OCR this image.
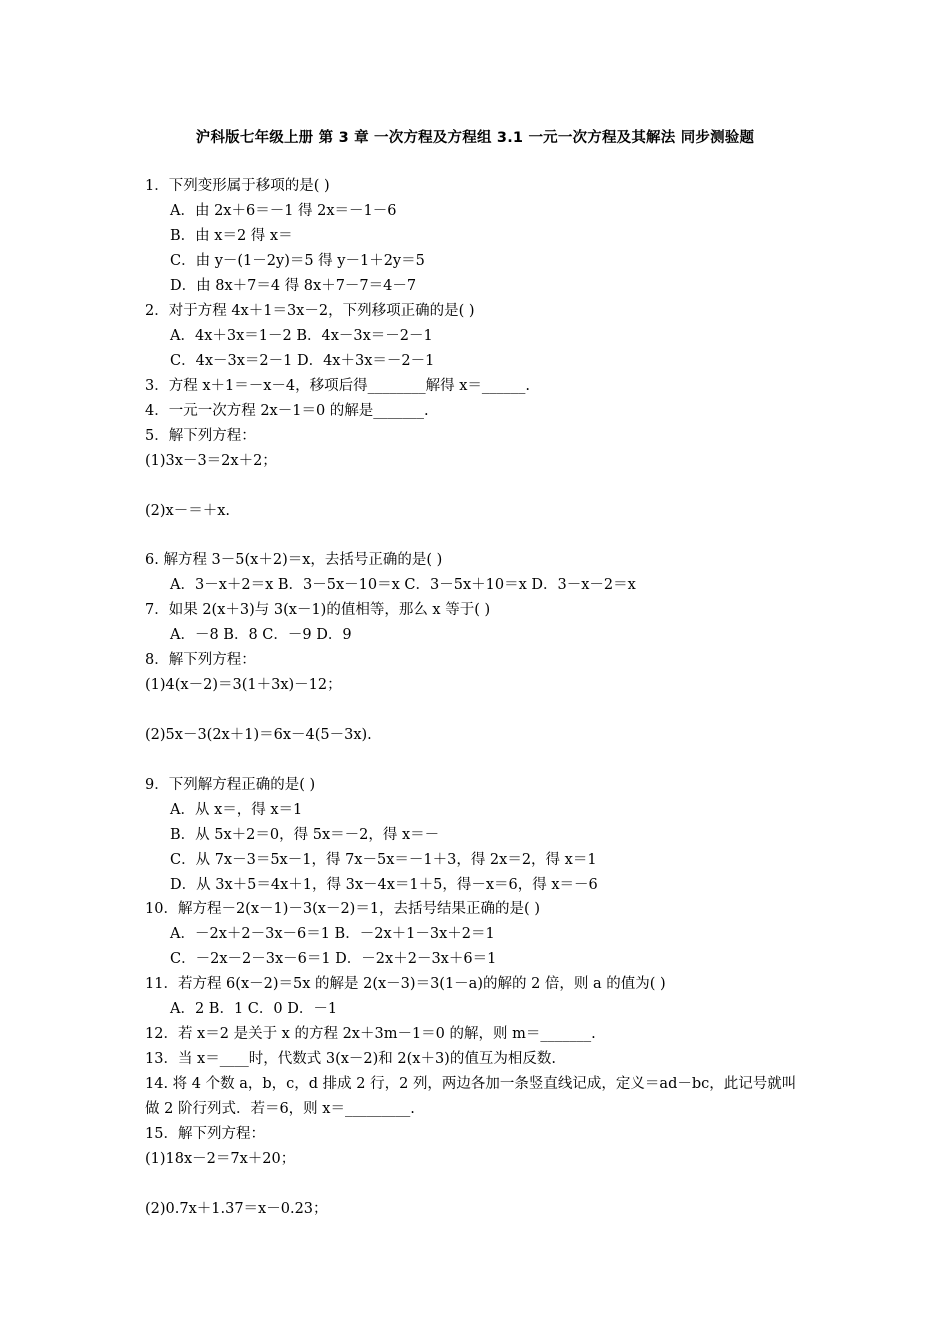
沪科版七年级上册 第 3 章 一次方程及方程组 3.1 一元一次方程及其解法 同步测验题
1．下列变形属于移项的是( )
A．由 2x＋6＝－1 得 2x＝－1－6
B．由 x＝2 得 x＝
C．由 y－(1－2y)＝5 得 y－1＋2y＝5
D．由 8x＋7＝4 得 8x＋7－7＝4－7
2．对于方程 4x＋1＝3x－2，下列移项正确的是( )
A．4x＋3x＝1－2 B．4x－3x＝－2－1
C．4x－3x＝2－1 D．4x＋3x＝－2－1
3．方程 x＋1＝－x－4，移项后得________解得 x＝______.
4．一元一次方程 2x－1＝0 的解是_______.
5．解下列方程：
(1)3x－3＝2x＋2；
(2)x－＝＋x.
6. 解方程 3－5(x＋2)＝x，去括号正确的是( )
A．3－x＋2＝x B．3－5x－10＝x C．3－5x＋10＝x D．3－x－2＝x
7．如果 2(x＋3)与 3(x－1)的值相等，那么 x 等于( )
A．－8 B．8 C．－9 D．9
8．解下列方程：
(1)4(x－2)＝3(1＋3x)－12；
(2)5x－3(2x＋1)＝6x－4(5－3x).
9．下列解方程正确的是( )
A．从 x＝，得 x＝1
B．从 5x＋2＝0，得 5x＝－2，得 x＝－
C．从 7x－3＝5x－1，得 7x－5x＝－1＋3，得 2x＝2，得 x＝1
D．从 3x＋5＝4x＋1，得 3x－4x＝1＋5，得－x＝6，得 x＝－6
10．解方程－2(x－1)－3(x－2)＝1，去括号结果正确的是( )
A．－2x＋2－3x－6＝1 B．－2x＋1－3x＋2＝1
C．－2x－2－3x－6＝1 D．－2x＋2－3x＋6＝1
11．若方程 6(x－2)＝5x 的解是 2(x－3)＝3(1－a)的解的 2 倍，则 a 的值为( )
A．2 B．1 C．0 D．－1
12．若 x＝2 是关于 x 的方程 2x＋3m－1＝0 的解，则 m＝_______.
13．当 x＝____时，代数式 3(x－2)和 2(x＋3)的值互为相反数.
14. 将 4 个数 a，b，c，d 排成 2 行，2 列，两边各加一条竖直线记成，定义＝ad－bc，此记号就叫
做 2 阶行列式．若＝6，则 x＝_________.
15．解下列方程：
(1)18x－2＝7x＋20；
(2)0.7x＋1.37＝x－0.23；
